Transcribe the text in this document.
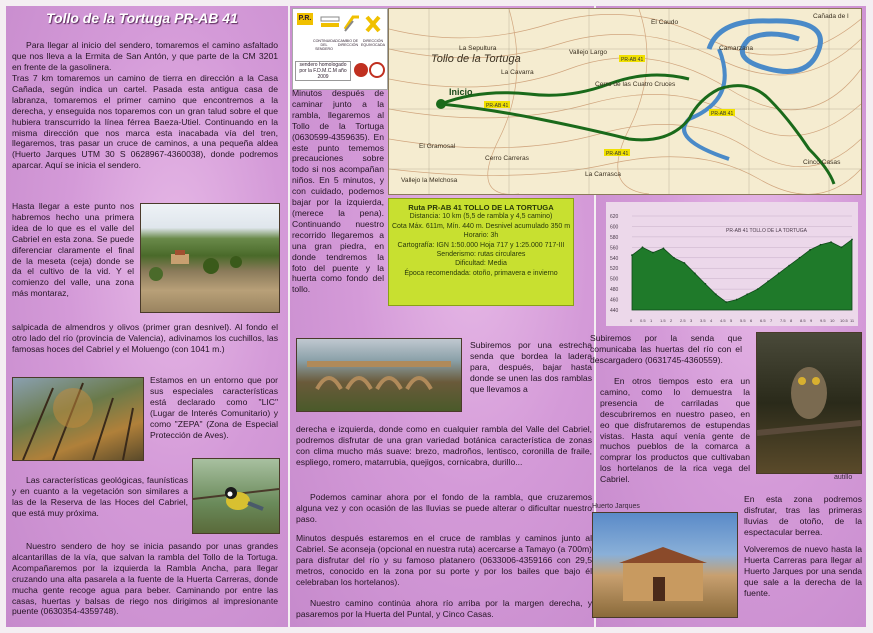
Tollo de la Tortuga PR-AB 41
Para llegar al inicio del sendero, tomaremos el camino asfaltado que nos lleva a la Ermita de San Antón, y que parte de la CM 3201 en frente de la gasolinera.
Tras 7 km tomaremos un camino de tierra en dirección a la Casa Cañada, según indica un cartel. Pasada esta antigua casa de labranza, tomaremos el primer camino que encontremos a la derecha, y enseguida nos toparemos con un gran talud sobre el que hubiera transcurrido la línea férrea Baeza-Utiel. Continuando en la misma dirección que nos marca esta inacabada vía del tren, llegaremos, tras pasar un cruce de caminos, a una pequeña aldea (Huerto Jarques UTM 30 S 0628967-4360038), donde podremos aparcar. Aquí se inicia el sendero.
Hasta llegar a este punto nos habremos hecho una primera idea de lo que es el valle del Cabriel en esta zona. Se puede diferenciar claramente el final de la meseta (ceja) donde se da el cultivo de la vid. Y el comienzo del valle, una zona más montaraz,
salpicada de almendros y olivos (primer gran desnivel). Al fondo el otro lado del río (provincia de Valencia), adivinamos los cuchillos, las famosas hoces del Cabriel y el Moluengo (con 1041 m.)
Estamos en un entorno que por sus especiales características está declarado como "LIC" (Lugar de Interés Comunitario) y como "ZEPA" (Zona de Especial Protección de Aves).
Las características geológicas, faunísticas y en cuanto a la vegetación son similares a las de la Reserva de las Hoces del Cabriel, que está muy próxima.
Nuestro sendero de hoy se inicia pasando por unas grandes alcantarillas de la vía, que salvan la rambla del Tollo de la Tortuga. Acompañaremos por la izquierda la Rambla Ancha, para llegar cruzando una alta pasarela a la fuente de la Huerta Carreras, donde mucha gente recoge agua para beber. Caminando por entre las casas, huertas y balsas de riego nos dirigimos al impresionante puente (0630354-4359748).
P.R.
CONTINUIDAD DEL SENDERO
CAMBIO DE DIRECCIÓN
DIRECCIÓN EQUIVOCADA
sendero homologado por la F.D.M.C.M año 2009
PR-AB 41
PR-AB 41
PR-AB 41
PR-AB 41
La Sepultura
Tollo de la Tortuga
La Cavarra
Vallejo Largo
Cerro de las Cuatro Cruces
El Gramosal
Cerro Carreras
La Carrasca
Vallejo la Melchosa
Inicio
El Caudo
Cañada de l
Camarzana
Cinco Casas
Minutos después de caminar junto a la rambla, llegaremos al Tollo de la Tortuga (0630599-4359635). En este punto tememos precauciones sobre todo si nos acompañan niños. En 5 minutos, y con cuidado, podemos bajar por la izquierda, (merece la pena). Continuando nuestro recorrido llegaremos a una gran piedra, en donde tendremos la foto del puente y la huerta como fondo del tollo.
Ruta PR-AB 41 TOLLO DE LA TORTUGA
Distancia: 10 km (5,5 de rambla y 4,5 camino)
Cota Máx. 611m, Mín. 440 m. Desnivel acumulado 350 m
Horario: 3h
Cartografía: IGN 1:50.000 Hoja 717 y 1:25.000 717-III
Senderismo: rutas circulares
Dificultad: Media
Época recomendada: otoño, primavera e invierno
Subiremos por una estrecha senda que bordea la ladera para, después, bajar hasta donde se unen las dos ramblas que llevamos a
derecha e izquierda, donde como en cualquier rambla del Valle del Cabriel, podremos disfrutar de una gran variedad botánica característica de zonas con clima mucho más suave: brezo, madroños, lentisco, coronilla de fraile, espliego, romero, matarrubia, quejigos, cornicabra, durillo...
Podemos caminar ahora por el fondo de la rambla, que cruzaremos alguna vez y con ocasión de las lluvias se puede alterar o dificultar nuestro paso.
Minutos después estaremos en el cruce de ramblas y caminos junto al Cabriel. Se aconseja (opcional en nuestra ruta) acercarse a Tamayo (a 700m) para disfrutar del río y su famoso platanero (0633006-4359166 con 29,5 metros, conocido en la zona por su porte y por los bailes que bajo él celebraban los hortelanos).
Nuestro camino continúa ahora río arriba por la margen derecha, y pasaremos por la Huerta del Puntal, y Cinco Casas.
620
600
580
560
540
520
500
480
460
440
0 0.5 1 1.5 2 2.5 3 3.5 4 4.5 5 5.5 6 6.5 7 7.5 8 8.5 9 9.5 10 10.5 11
PR-AB 41 TOLLO DE LA TORTUGA
Subiremos por la senda que comunicaba las huertas del río con el descargadero (0631745-4360559).
autillo
En otros tiempos esto era un camino, como lo demuestra la presencia de carriladas que descubriremos en nuestro paseo, en eo que disfrutaremos de estupendas vistas. Hasta aquí venía gente de muchos pueblos de la comarca a comprar los productos que cultivaban los hortelanos de la rica vega del Cabriel.
Huerto Jarques
En esta zona podremos disfrutar, tras las primeras lluvias de otoño, de la espectacular berrea.
Volveremos de nuevo hasta la Huerta Carreras para llegar al Huerto Jarques por una senda que sale a la derecha de la fuente.
